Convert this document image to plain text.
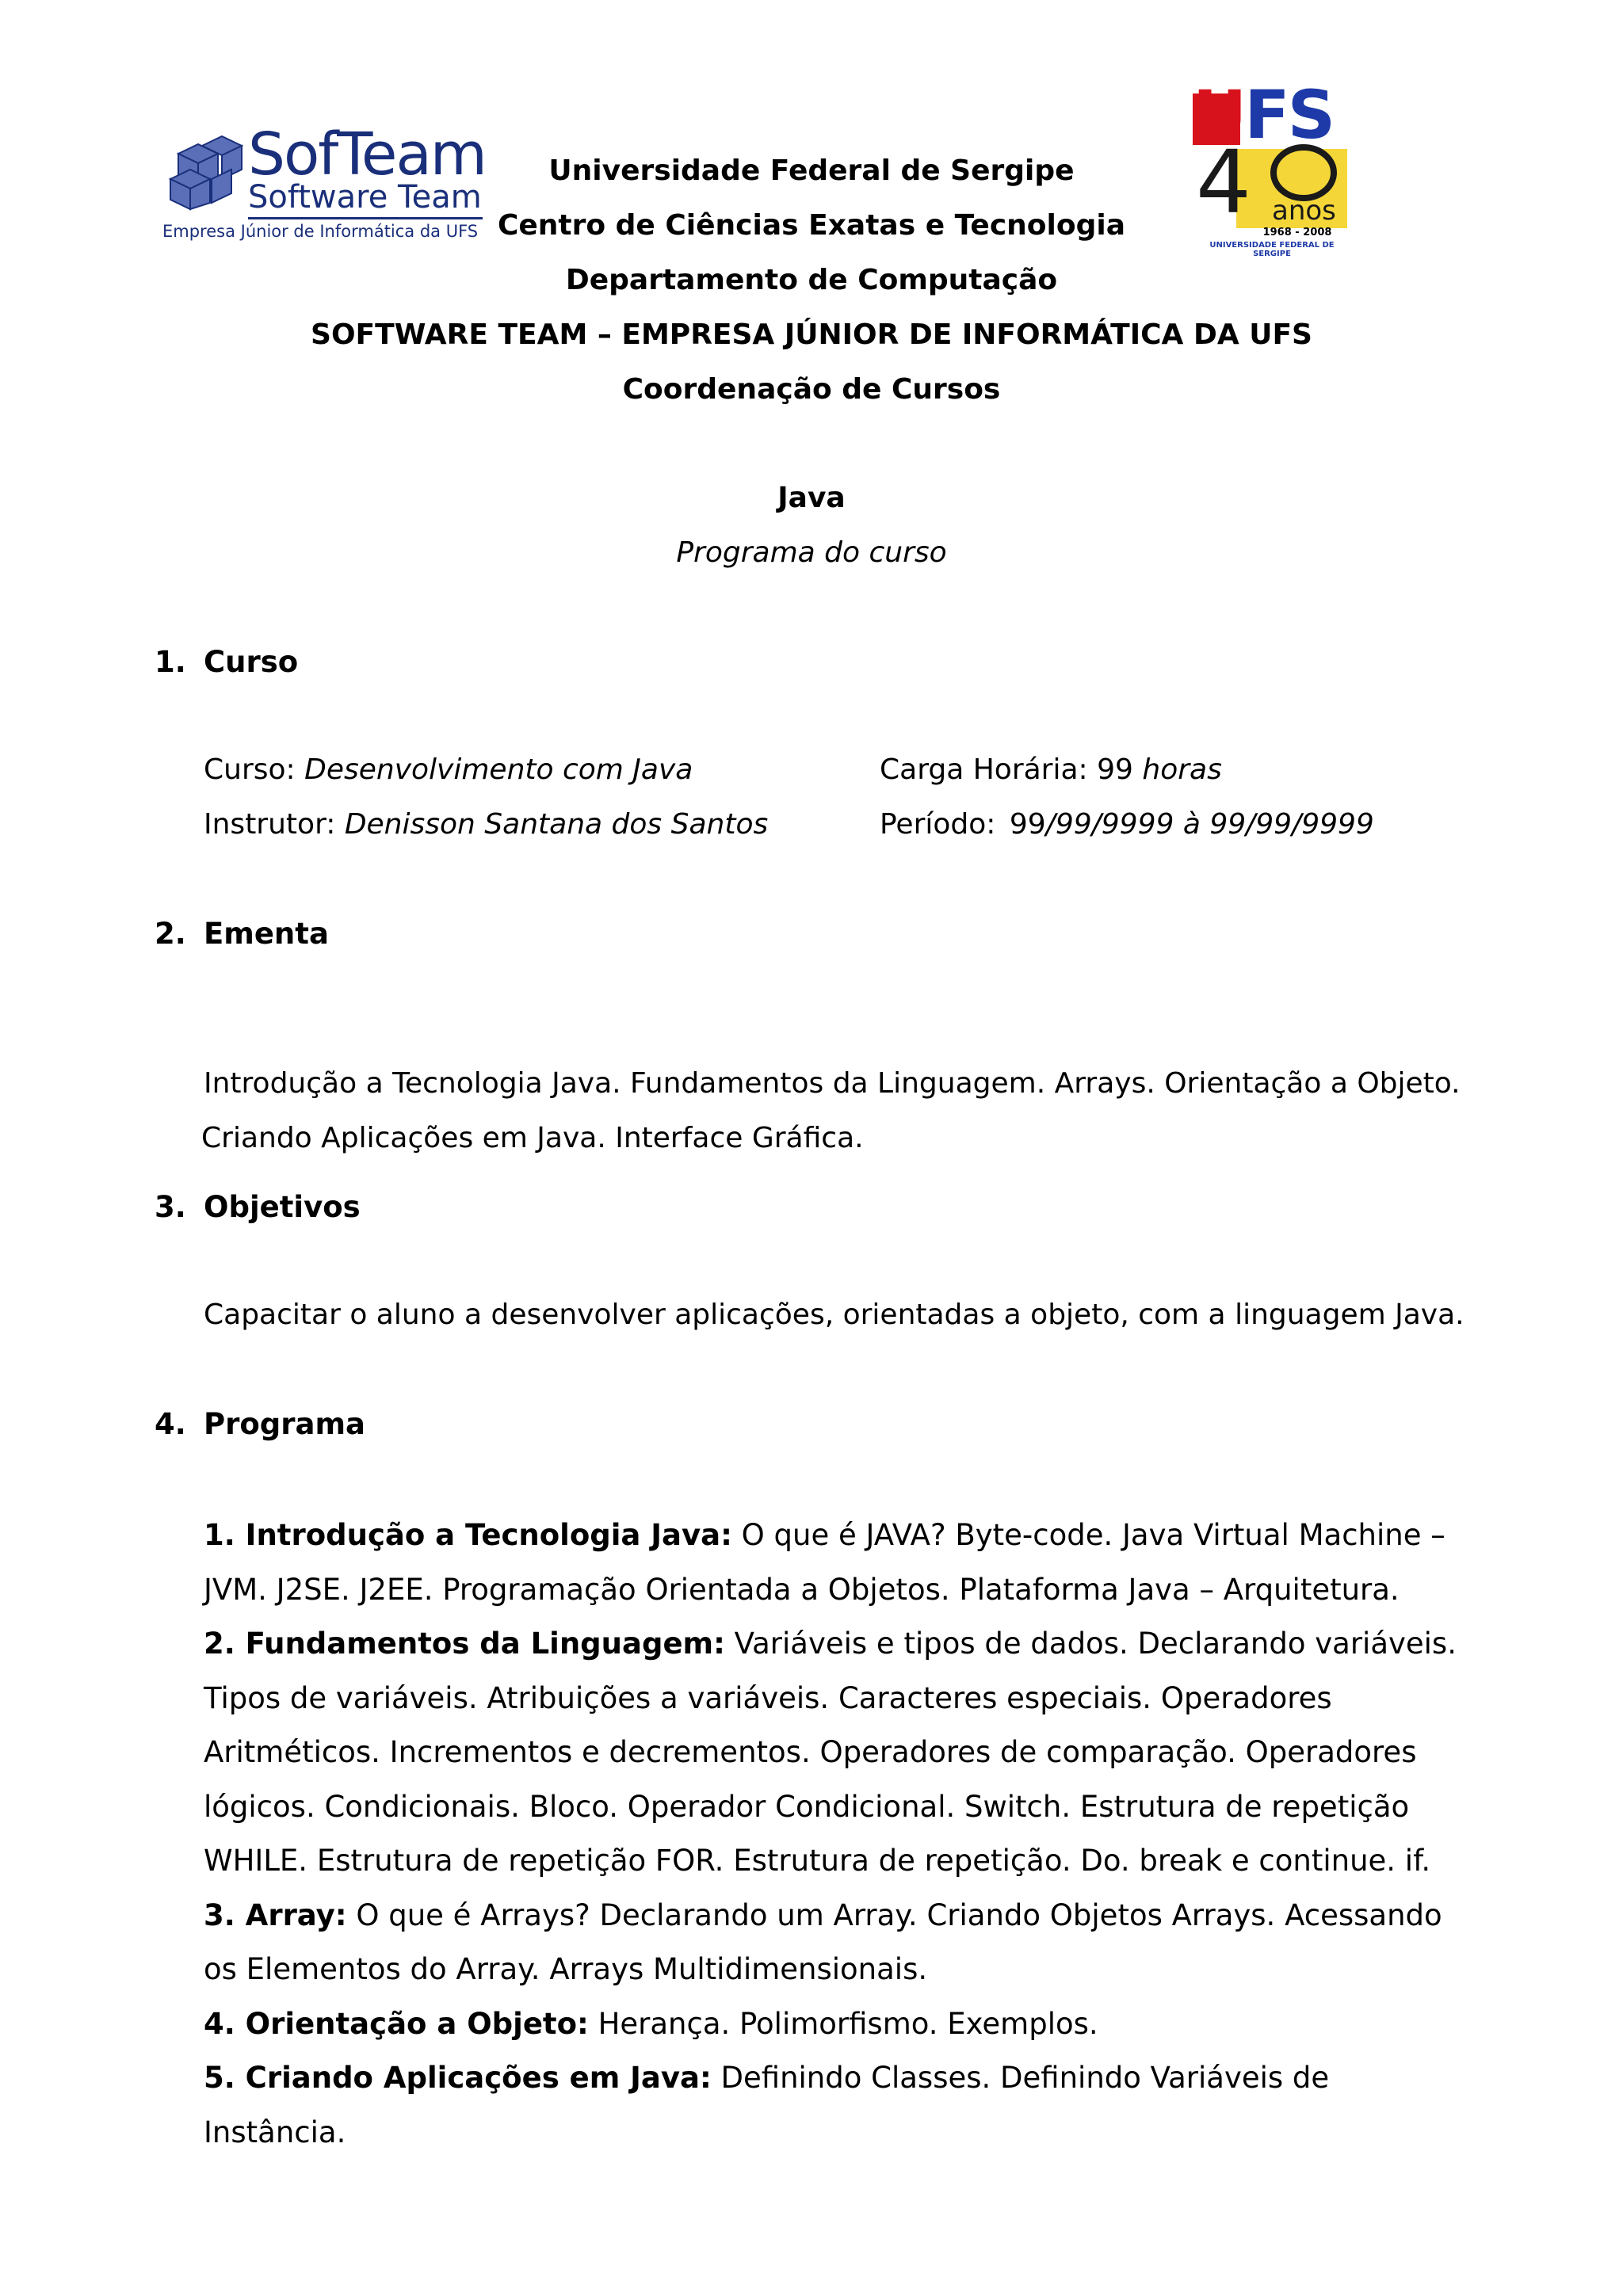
SofTeam
Software Team
Empresa Júnior de Informática da UFS	4
UFS
anos
1968 - 2008
UNIVERSIDADE FEDERAL DE SERGIPE
Universidade Federal de Sergipe
Centro de Ciências Exatas e Tecnologia
Departamento de Computação
SOFTWARE TEAM – EMPRESA JÚNIOR DE INFORMÁTICA DA UFS
Coordenação de Cursos
Java
Programa do curso
1. Curso
Curso: Desenvolvimento com Java	Carga Horária: 99 horas
Instrutor: Denisson Santana dos Santos	Período: 99/99/9999 à 99/99/9999
2. Ementa
Introdução a Tecnologia Java. Fundamentos da Linguagem. Arrays. Orientação a Objeto.
Criando Aplicações em Java. Interface Gráfica.
3. Objetivos
Capacitar o aluno a desenvolver aplicações, orientadas a objeto, com a linguagem Java.
4. Programa

1. Introdução a Tecnologia Java: O que é JAVA? Byte-code. Java Virtual Machine – JVM. J2SE. J2EE. Programação Orientada a Objetos. Plataforma Java – Arquitetura.

2. Fundamentos da Linguagem: Variáveis e tipos de dados. Declarando variáveis. Tipos de variáveis. Atribuições a variáveis. Caracteres especiais. Operadores Aritméticos. Incrementos e decrementos. Operadores de comparação. Operadores lógicos. Condicionais. Bloco. Operador Condicional. Switch. Estrutura de repetição WHILE. Estrutura de repetição FOR. Estrutura de repetição. Do. break e continue. if.

3. Array: O que é Arrays? Declarando um Array. Criando Objetos Arrays. Acessando os Elementos do Array. Arrays Multidimensionais.

4. Orientação a Objeto: Herança. Polimorfismo. Exemplos.

5. Criando Aplicações em Java: Definindo Classes. Definindo Variáveis de Instância.
